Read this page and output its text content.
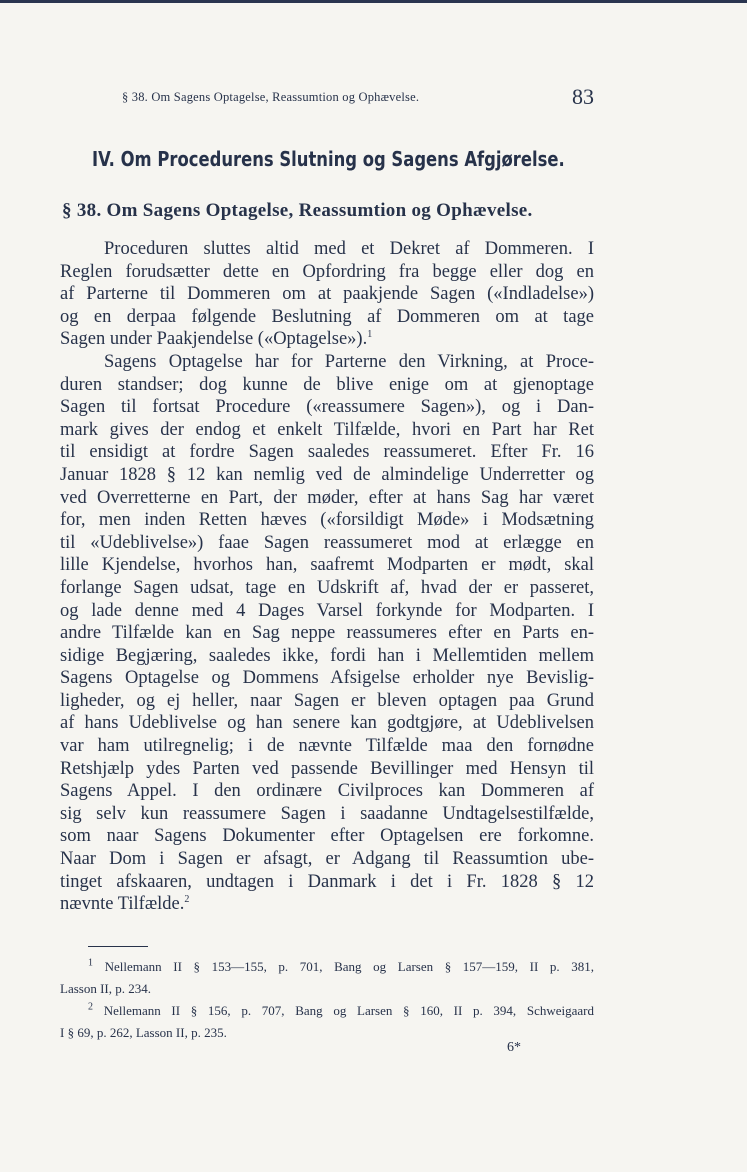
§ 38. Om Sagens Optagelse, Reassumtion og Ophævelse.	83
IV. Om Procedurens Slutning og Sagens Afgjørelse.
§ 38. Om Sagens Optagelse, Reassumtion og Ophævelse.
Proceduren sluttes altid med et Dekret af Dommeren. I
Reglen forudsætter dette en Opfordring fra begge eller dog en
af Parterne til Dommeren om at paakjende Sagen («Indladelse»)
og en derpaa følgende Beslutning af Dommeren om at tage
Sagen under Paakjendelse («Optagelse»).$^1$
Sagens Optagelse har for Parterne den Virkning, at Proce-
duren standser; dog kunne de blive enige om at gjenoptage
Sagen til fortsat Procedure («reassumere Sagen»), og i Dan-
mark gives der endog et enkelt Tilfælde, hvori en Part har Ret
til ensidigt at fordre Sagen saaledes reassumeret. Efter Fr. 16
Januar 1828 § 12 kan nemlig ved de almindelige Underretter og
ved Overretterne en Part, der møder, efter at hans Sag har været
for, men inden Retten hæves («forsildigt Møde» i Modsætning
til «Udeblivelse») faae Sagen reassumeret mod at erlægge en
lille Kjendelse, hvorhos han, saafremt Modparten er mødt, skal
forlange Sagen udsat, tage en Udskrift af, hvad der er passeret,
og lade denne med 4 Dages Varsel forkynde for Modparten. I
andre Tilfælde kan en Sag neppe reassumeres efter en Parts en-
sidige Begjæring, saaledes ikke, fordi han i Mellemtiden mellem
Sagens Optagelse og Dommens Afsigelse erholder nye Bevislig-
ligheder, og ej heller, naar Sagen er bleven optagen paa Grund
af hans Udeblivelse og han senere kan godtgjøre, at Udeblivelsen
var ham utilregnelig; i de nævnte Tilfælde maa den fornødne
Retshjælp ydes Parten ved passende Bevillinger med Hensyn til
Sagens Appel. I den ordinære Civilproces kan Dommeren af
sig selv kun reassumere Sagen i saadanne Undtagelsestilfælde,
som naar Sagens Dokumenter efter Optagelsen ere forkomne.
Naar Dom i Sagen er afsagt, er Adgang til Reassumtion ube-
tinget afskaaren, undtagen i Danmark i det i Fr. 1828 § 12
nævnte Tilfælde.$^2$
$^1$ Nellemann II § 153—155, p. 701, Bang og Larsen § 157—159, II p. 381,
Lasson II, p. 234.
$^2$ Nellemann II § 156, p. 707, Bang og Larsen § 160, II p. 394, Schweigaard
I § 69, p. 262, Lasson II, p. 235.
6*
